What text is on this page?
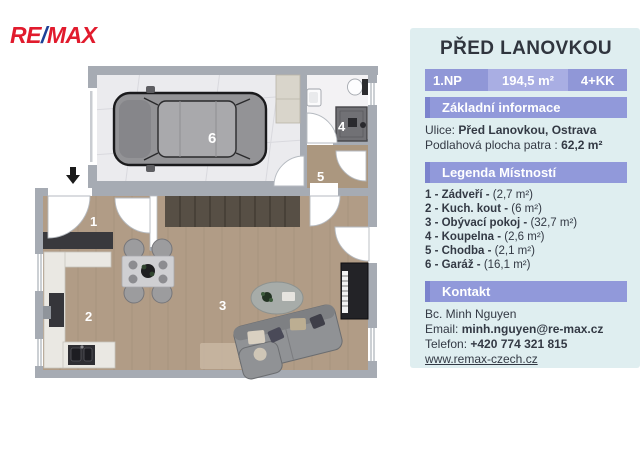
RE/MAX
1
2
3
4
5
6
PŘED LANOVKOU
1.NP	194,5 m²	4+KK
Základní informace
Ulice: Před Lanovkou, Ostrava
Podlahová plocha patra : 62,2 m²
Legenda Místností
1 - Zádveří - (2,7 m²)
2 - Kuch. kout - (6 m²)
3 - Obývací pokoj - (32,7 m²)
4 - Koupelna - (2,6 m²)
5 - Chodba - (2,1 m²)
6 - Garáž - (16,1 m²)
Kontakt
Bc. Minh Nguyen
Email: minh.nguyen@re-max.cz
Telefon: +420 774 321 815
www.remax-czech.cz
